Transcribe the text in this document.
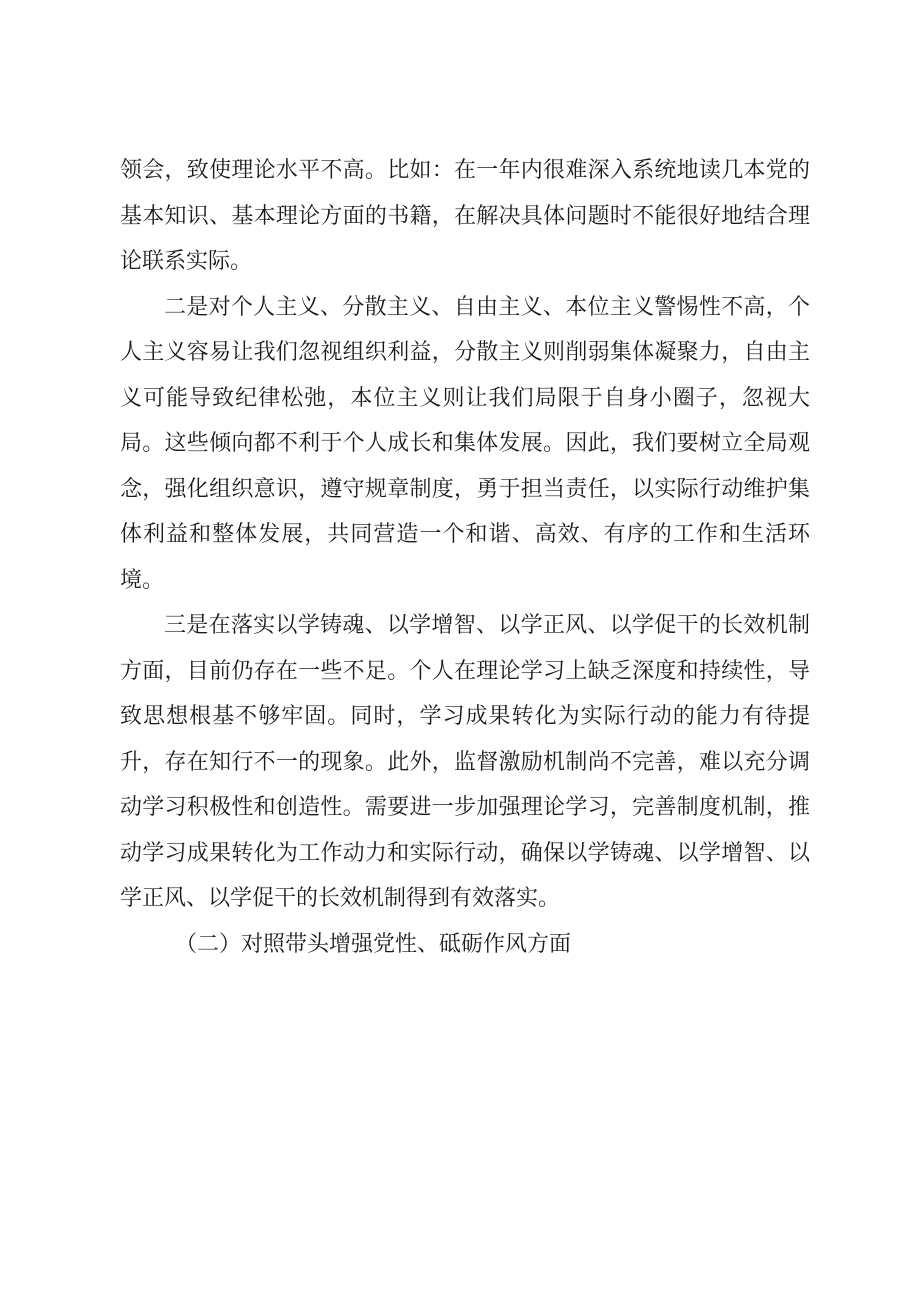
领会，致使理论水平不高。比如：在一年内很难深入系统地读几本党的基本知识、基本理论方面的书籍，在解决具体问题时不能很好地结合理论联系实际。

二是对个人主义、分散主义、自由主义、本位主义警惕性不高，个人主义容易让我们忽视组织利益，分散主义则削弱集体凝聚力，自由主义可能导致纪律松弛，本位主义则让我们局限于自身小圈子，忽视大局。这些倾向都不利于个人成长和集体发展。因此，我们要树立全局观念，强化组织意识，遵守规章制度，勇于担当责任，以实际行动维护集体利益和整体发展，共同营造一个和谐、高效、有序的工作和生活环境。

三是在落实以学铸魂、以学增智、以学正风、以学促干的长效机制方面，目前仍存在一些不足。个人在理论学习上缺乏深度和持续性，导致思想根基不够牢固。同时，学习成果转化为实际行动的能力有待提升，存在知行不一的现象。此外，监督激励机制尚不完善，难以充分调动学习积极性和创造性。需要进一步加强理论学习，完善制度机制，推动学习成果转化为工作动力和实际行动，确保以学铸魂、以学增智、以学正风、以学促干的长效机制得到有效落实。

（二）对照带头增强党性、砥砺作风方面
